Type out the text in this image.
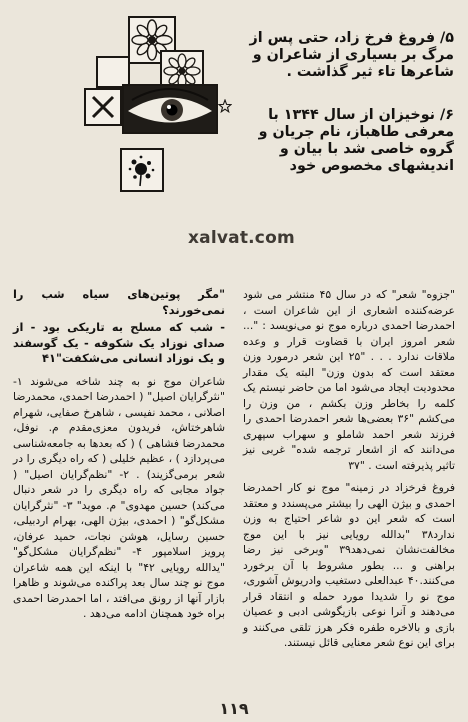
۵/ فروغ فرخ زاد، حتی پس از مرگ بر بسیاری از شاعران و شاعرها تاء ثیر گذاشت .

۶/ نوخیزان از سال ۱۳۴۴ با معرفی طاهباز، نام جریان و گروه خاصی شد با بیان و اندیشهای مخصوص خود

xalvat.com

"جزوه" شعر" که در سال ۴۵ منتشر می شود عرضه‌کننده اشعاری از این شاعران است ، احمدرضا احمدی درباره موج نو می‌نویسد : "... شعر امروز ایران با قضاوت قرار و وعده ملاقات ندارد . . . "۲۵ این شعر درمورد وزن معتقد است که بدون وزن" البته یک مقدار محدودیت ایجاد می‌شود اما من حاضر نیستم یک کلمه را بخاطر وزن بکشم ، من وزن را می‌کشم "۳۶ بعضی‌ها شعر احمدرضا احمدی را فرزند شعر احمد شاملو و سهراب سپهری می‌دانند که از اشعار ترجمه شده" غربی نیز تاثیر پذیرفته است . "۳۷

فروغ فرخزاد در زمینه" موج نو کار احمدرضا احمدی و بیژن الهی را بیشتر می‌پسندد و معتقد است که شعر این دو شاعر احتیاج به وزن ندارد۳۸ "بدالله رویایی نیز با این موج مخالفت‌نشان نمی‌دهد۳۹ "وبرخی نیز رضا براهنی و ... بطور مشروط با آن برخورد می‌کنند.۴۰ عبدالعلی دستغیب واد‌ریوش آشوری، موج نو را شدیدا مورد حمله و انتقاد قرار می‌دهند و آنرا نوعی بازیگوشی ادبی و عصیان بازی و بالاخره طفره فکر هرز تلقی می‌کنند و برای این نوع شعر معنایی قائل نیستند.

"مگر پوتین‌های سیاه شب را نمی‌خورند؟

- شب که مسلح به تاریکی بود - از صدای نوزاد یک شکوفه - یک گوسفند و یک نوزاد انسانی می‌شکفت"۴۱

شاعران موج نو به چند شاخه می‌شوند ۱- "نثرگرایان اصیل" ( احمدرضا احمدی، محمدرضا اصلانی ، محمد نفیسی ، شاهرخ صفایی، شهرام شاهرختاش، فریدون معزی‌مقدم م. نوفل، محمدرضا فشاهی ) ( که بعدها به جامعه‌شناسی می‌پردازد ) ، عظیم خلیلی ( که راه دیگری را در شعر برمی‌گزیند) . ۲- "نظم‌گرایان اصیل" ( جواد مجابی که راه دیگری را در شعر دنبال می‌کند) حسین مهدوی" م. موید" ۳- "نثرگرایان مشکل‌گو" ( احمدی، بیژن الهی، بهرام اردبیلی، حسین رسایل، هوشن نجات، حمید عرفان، پرویز اسلامپور ۴- "نظم‌گرایان مشکل‌گو" "یدالله رویایی ۴۲" با اینکه این همه شاعران موج نو چند سال بعد پراکنده می‌شوند و ظاهرا بازار آنها از رونق می‌افتد ، اما احمدرضا احمدی براه خود همچنان ادامه می‌دهد .

۱۱۹
